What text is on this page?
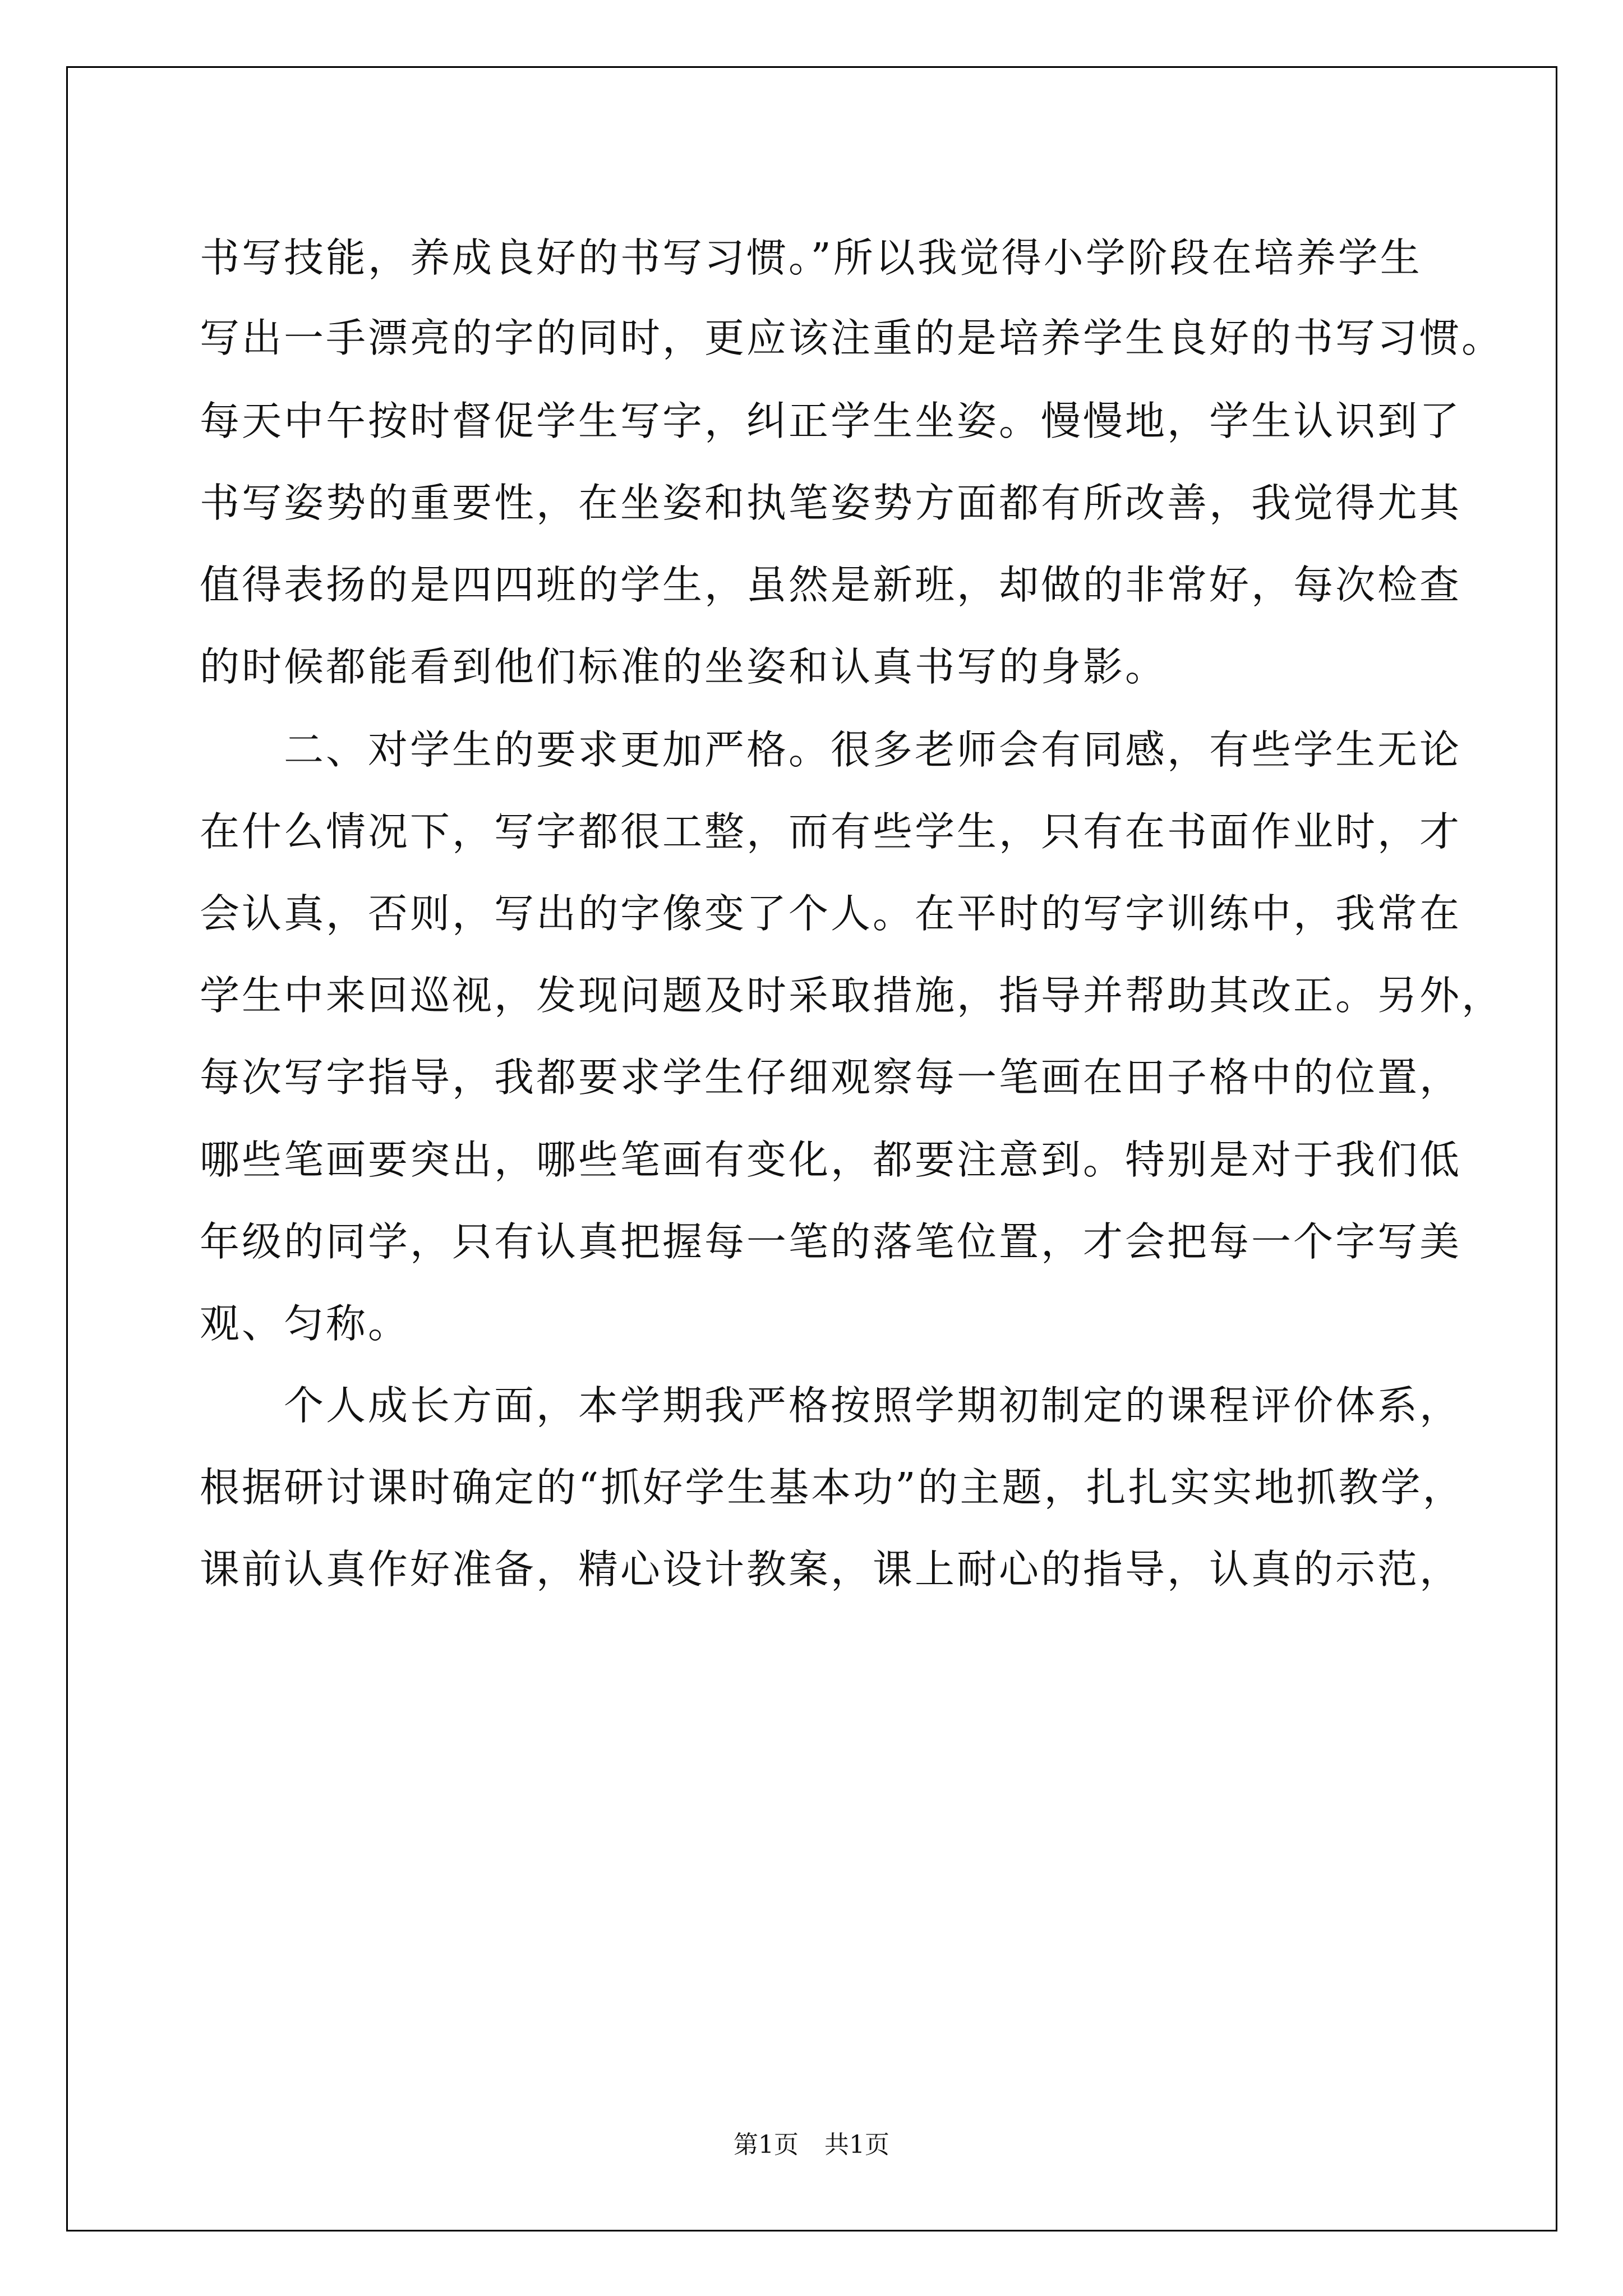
书写技能，养成良好的书写习惯。”所以我觉得小学阶段在培养学生
写出一手漂亮的字的同时，更应该注重的是培养学生良好的书写习惯。
每天中午按时督促学生写字，纠正学生坐姿。慢慢地，学生认识到了
书写姿势的重要性，在坐姿和执笔姿势方面都有所改善，我觉得尤其
值得表扬的是四四班的学生，虽然是新班，却做的非常好，每次检查
的时候都能看到他们标准的坐姿和认真书写的身影。
　　二、对学生的要求更加严格。很多老师会有同感，有些学生无论
在什么情况下，写字都很工整，而有些学生，只有在书面作业时，才
会认真，否则，写出的字像变了个人。在平时的写字训练中，我常在
学生中来回巡视，发现问题及时采取措施，指导并帮助其改正。另外，
每次写字指导，我都要求学生仔细观察每一笔画在田子格中的位置，
哪些笔画要突出，哪些笔画有变化，都要注意到。特别是对于我们低
年级的同学，只有认真把握每一笔的落笔位置，才会把每一个字写美
观、匀称。
　　个人成长方面，本学期我严格按照学期初制定的课程评价体系，
根据研讨课时确定的“抓好学生基本功”的主题，扎扎实实地抓教学，
课前认真作好准备，精心设计教案，课上耐心的指导，认真的示范，
第1页 共1页
